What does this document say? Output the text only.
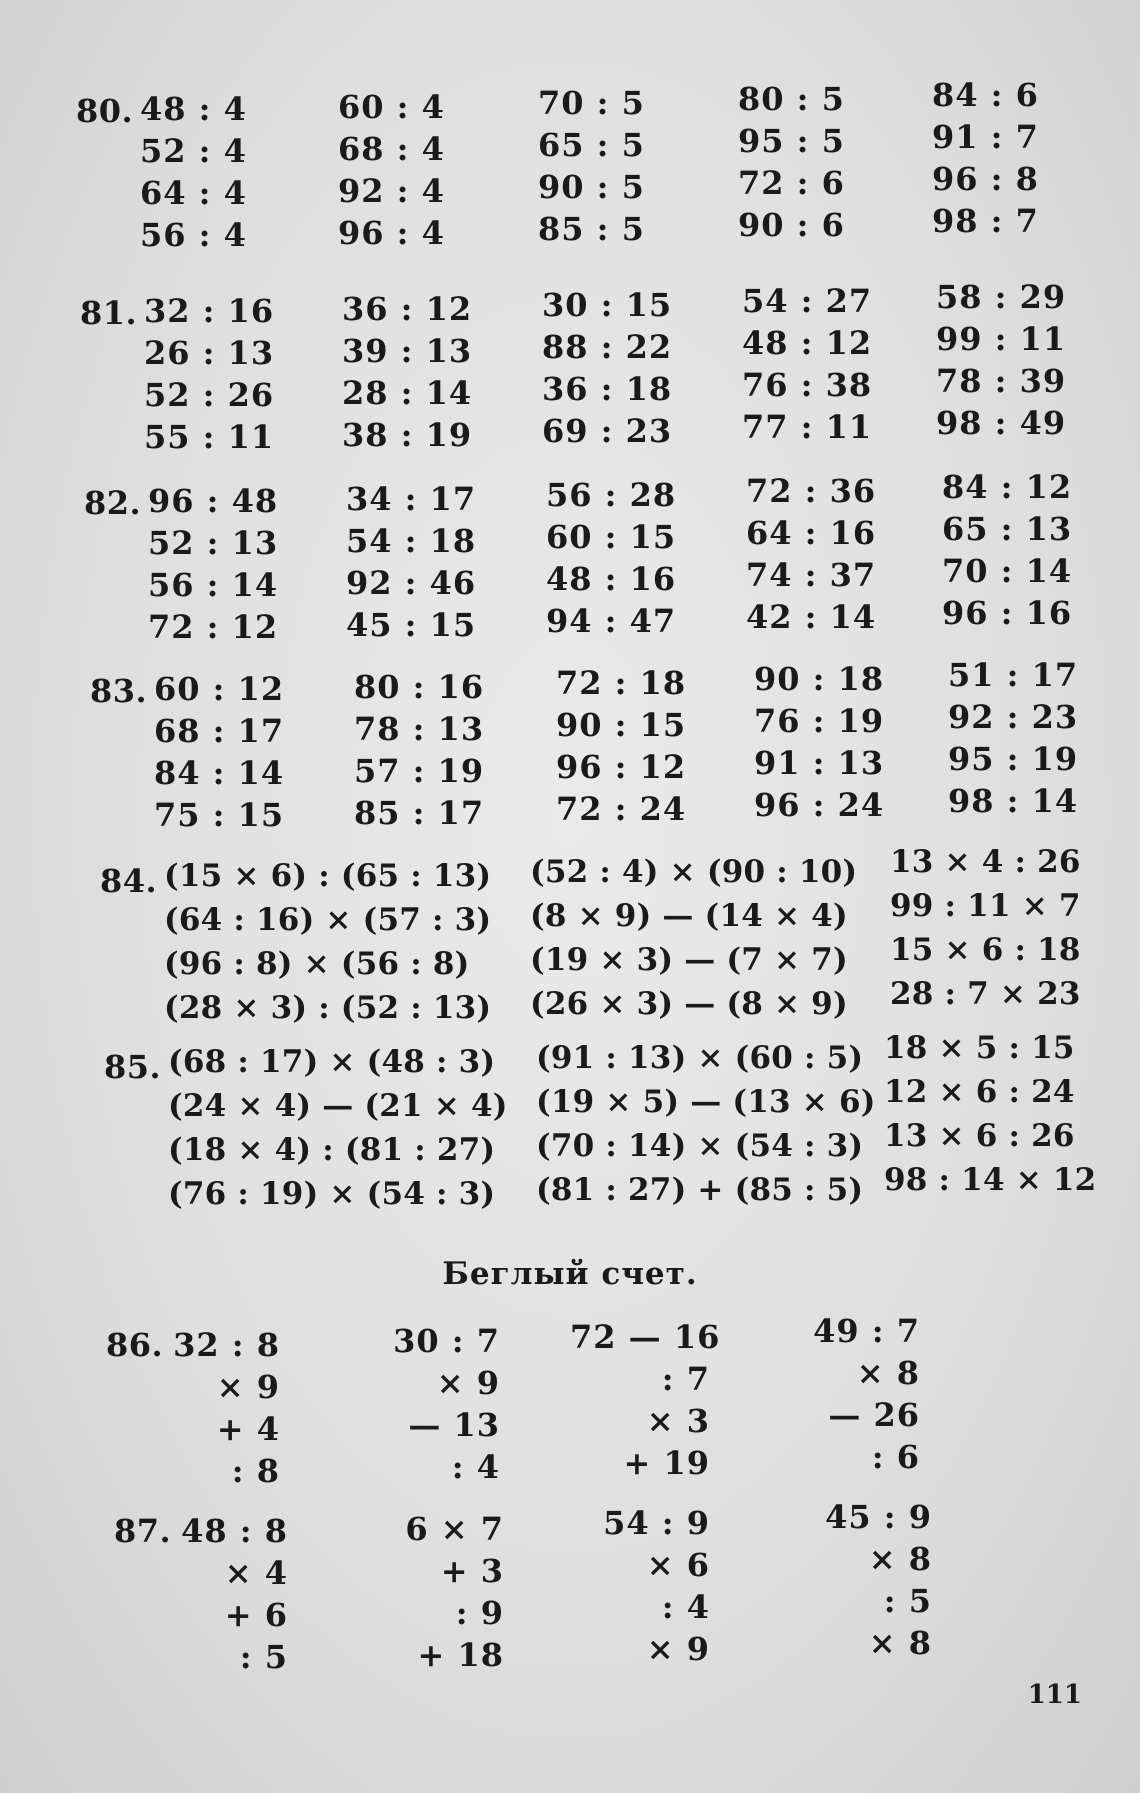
80. 48 : 4
52 : 4
64 : 4
56 : 4
60 : 4
68 : 4
92 : 4
96 : 4
70 : 5
65 : 5
90 : 5
85 : 5
80 : 5
95 : 5
72 : 6
90 : 6
84 : 6
91 : 7
96 : 8
98 : 7
81. 32 : 16
26 : 13
52 : 26
55 : 11
36 : 12
39 : 13
28 : 14
38 : 19
30 : 15
88 : 22
36 : 18
69 : 23
54 : 27
48 : 12
76 : 38
77 : 11
58 : 29
99 : 11
78 : 39
98 : 49
82. 96 : 48
52 : 13
56 : 14
72 : 12
34 : 17
54 : 18
92 : 46
45 : 15
56 : 28
60 : 15
48 : 16
94 : 47
72 : 36
64 : 16
74 : 37
42 : 14
84 : 12
65 : 13
70 : 14
96 : 16
83. 60 : 12
68 : 17
84 : 14
75 : 15
80 : 16
78 : 13
57 : 19
85 : 17
72 : 18
90 : 15
96 : 12
72 : 24
90 : 18
76 : 19
91 : 13
96 : 24
51 : 17
92 : 23
95 : 19
98 : 14
84. (15 × 6) : (65 : 13)
(64 : 16) × (57 : 3)
(96 : 8) × (56 : 8)
(28 × 3) : (52 : 13)
(52 : 4) × (90 : 10)
(8 × 9) — (14 × 4)
(19 × 3) — (7 × 7)
(26 × 3) — (8 × 9)
13 × 4 : 26
99 : 11 × 7
15 × 6 : 18
28 : 7 × 23
85. (68 : 17) × (48 : 3)
(24 × 4) — (21 × 4)
(18 × 4) : (81 : 27)
(76 : 19) × (54 : 3)
(91 : 13) × (60 : 5)
(19 × 5) — (13 × 6)
(70 : 14) × (54 : 3)
(81 : 27) + (85 : 5)
18 × 5 : 15
12 × 6 : 24
13 × 6 : 26
98 : 14 × 12
Беглый счет.
86. 32 : 8
× 9
+ 4
: 8
30 : 7
× 9
— 13
: 4
72 — 16
: 7
× 3
+ 19
49 : 7
× 8
— 26
: 6
87. 48 : 8
× 4
+ 6
: 5
6 × 7
+ 3
: 9
+ 18
54 : 9
× 6
: 4
× 9
45 : 9
× 8
: 5
× 8
111
